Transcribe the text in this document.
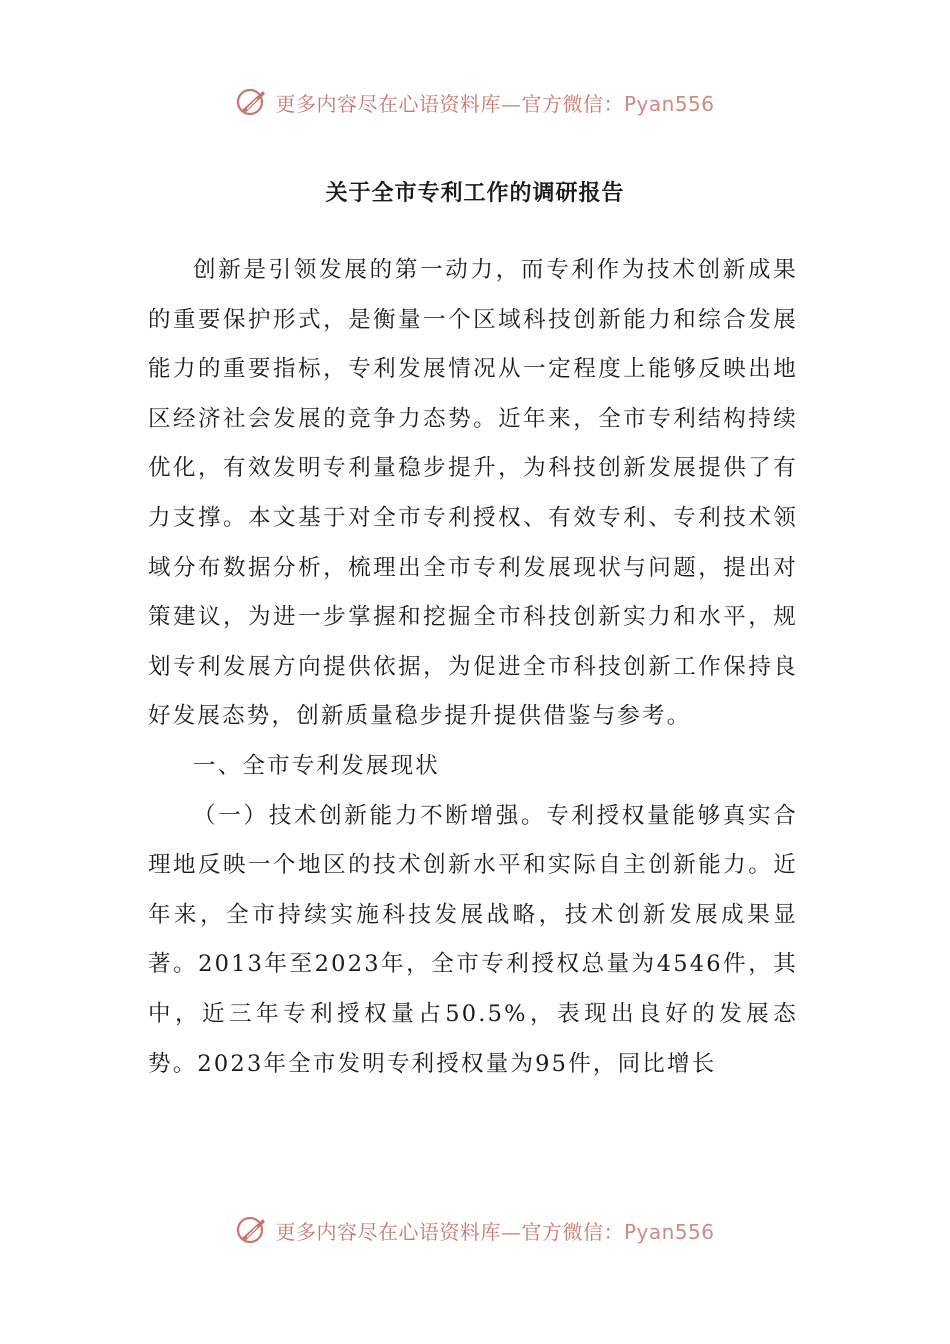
更多内容尽在心语资料库—官方微信：Pyan556
关于全市专利工作的调研报告

创新是引领发展的第一动力，而专利作为技术创新成果的重要保护形式，是衡量一个区域科技创新能力和综合发展能力的重要指标，专利发展情况从一定程度上能够反映出地区经济社会发展的竞争力态势。近年来，全市专利结构持续优化，有效发明专利量稳步提升，为科技创新发展提供了有力支撑。本文基于对全市专利授权、有效专利、专利技术领域分布数据分析，梳理出全市专利发展现状与问题，提出对策建议，为进一步掌握和挖掘全市科技创新实力和水平，规划专利发展方向提供依据，为促进全市科技创新工作保持良好发展态势，创新质量稳步提升提供借鉴与参考。

一、全市专利发展现状

（一）技术创新能力不断增强。专利授权量能够真实合理地反映一个地区的技术创新水平和实际自主创新能力。近年来，全市持续实施科技发展战略，技术创新发展成果显著。2013年至2023年，全市专利授权总量为4546件，其中，近三年专利授权量占50.5%，表现出良好的发展态势。2023年全市发明专利授权量为95件，同比增长

更多内容尽在心语资料库—官方微信：Pyan556
